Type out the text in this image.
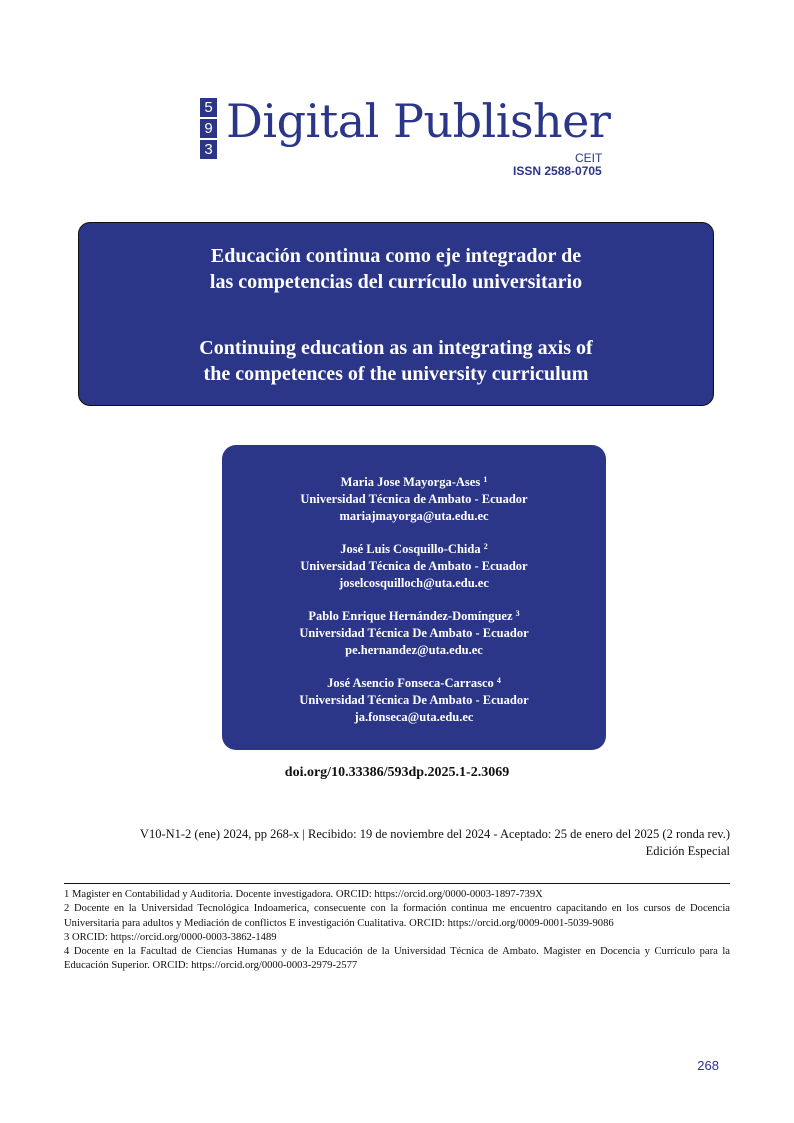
5
9
3
Digital Publisher
CEIT
ISSN 2588-0705
Educación continua como eje integrador de
las competencias del currículo universitario
Continuing education as an integrating axis of
the competences of the university curriculum
Maria Jose Mayorga-Ases $^1$
Universidad Técnica de Ambato - Ecuador
mariajmayorga@uta.edu.ec
José Luis Cosquillo-Chida $^2$
Universidad Técnica de Ambato - Ecuador
joselcosquilloch@uta.edu.ec
Pablo Enrique Hernández-Domínguez $^3$
Universidad Técnica De Ambato - Ecuador
pe.hernandez@uta.edu.ec
José Asencio Fonseca-Carrasco $^4$
Universidad Técnica De Ambato - Ecuador
ja.fonseca@uta.edu.ec
doi.org/10.33386/593dp.2025.1-2.3069
V10-N1-2 (ene) 2024, pp 268-x | Recibido: 19 de noviembre del 2024 - Aceptado: 25 de enero del 2025 (2 ronda rev.)
Edición Especial

1 Magister en Contabilidad y Auditoria. Docente investigadora. ORCID: https://orcid.org/0000-0003-1897-739X

2 Docente en la Universidad Tecnológica Indoamerica, consecuente con la formación continua me encuentro capacitando en los cursos de Docencia Universitaria para adultos y Mediación de conflictos E investigación Cualitativa. ORCID: https://orcid.org/0009-0001-5039-9086

3 ORCID: https://orcid.org/0000-0003-3862-1489

4 Docente en la Facultad de Ciencias Humanas y de la Educación de la Universidad Técnica de Ambato. Magister en Docencia y Currículo para la Educación Superior. ORCID: https://orcid.org/0000-0003-2979-2577

268
